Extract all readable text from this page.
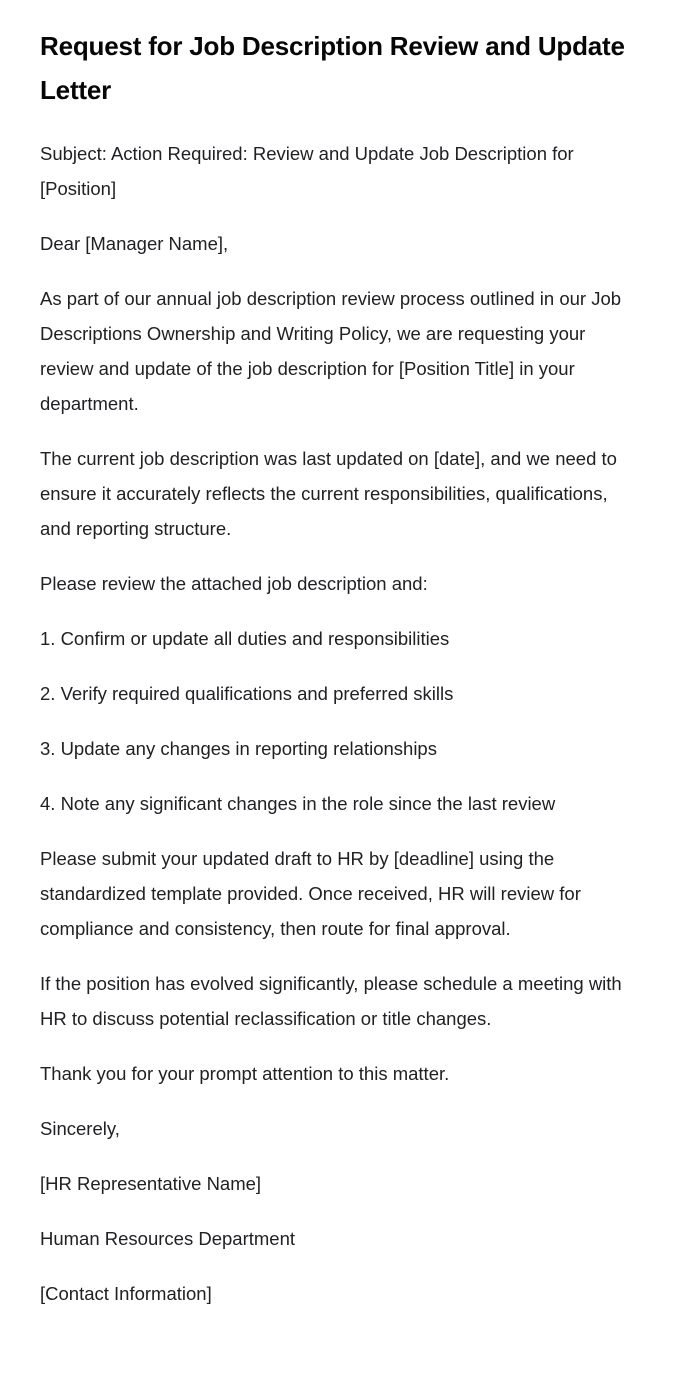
Request for Job Description Review and Update Letter

Subject: Action Required: Review and Update Job Description for [Position]

Dear [Manager Name],

As part of our annual job description review process outlined in our Job Descriptions Ownership and Writing Policy, we are requesting your review and update of the job description for [Position Title] in your department.

The current job description was last updated on [date], and we need to ensure it accurately reflects the current responsibilities, qualifications, and reporting structure.

Please review the attached job description and:

1. Confirm or update all duties and responsibilities

2. Verify required qualifications and preferred skills

3. Update any changes in reporting relationships

4. Note any significant changes in the role since the last review

Please submit your updated draft to HR by [deadline] using the standardized template provided. Once received, HR will review for compliance and consistency, then route for final approval.

If the position has evolved significantly, please schedule a meeting with HR to discuss potential reclassification or title changes.

Thank you for your prompt attention to this matter.

Sincerely,

[HR Representative Name]

Human Resources Department

[Contact Information]
